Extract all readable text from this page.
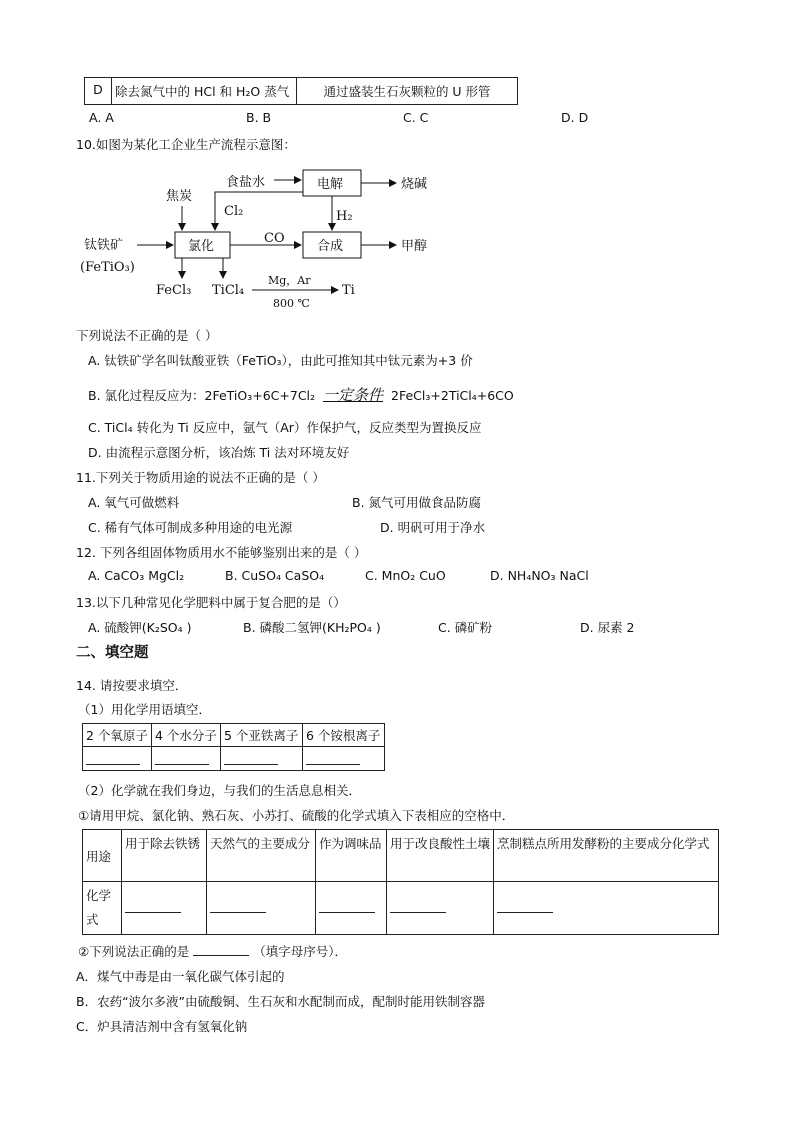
D	除去氮气中的 HCl 和 H₂O 蒸气	通过盛装生石灰颗粒的 U 形管
A. A	B. B	C. C	D. D
10.如图为某化工企业生产流程示意图：
食盐水	电解	烧碱
焦炭
Cl₂	H₂
钛铁矿
(FeTiO₃)
氯化
CO
合成	甲醇
FeCl₃ TiCl₄
Mg，Ar
800 ℃
Ti
下列说法不正确的是（ ）
A. 钛铁矿学名叫钛酸亚铁（FeTiO₃），由此可推知其中钛元素为+3 价
B. 氯化过程反应为：2FeTiO₃+6C+7Cl₂ 一定条件 2FeCl₃+2TiCl₄+6CO
C. TiCl₄ 转化为 Ti 反应中，氩气（Ar）作保护气，反应类型为置换反应
D. 由流程示意图分析，该冶炼 Ti 法对环境友好
11.下列关于物质用途的说法不正确的是（ ）
A. 氧气可做燃料	B. 氮气可用做食品防腐
C. 稀有气体可制成多种用途的电光源	D. 明矾可用于净水
12. 下列各组固体物质用水不能够鉴别出来的是（ ）
A. CaCO₃ MgCl₂	B. CuSO₄ CaSO₄	C. MnO₂ CuO	D. NH₄NO₃ NaCl
13.以下几种常见化学肥料中属于复合肥的是（）
A. 硫酸钾(K₂SO₄ )	B. 磷酸二氢钾(KH₂PO₄ )	C. 磷矿粉	D. 尿素 2
二、填空题
14. 请按要求填空．
（1）用化学用语填空．
2 个氧原子	4 个水分子	5 个亚铁离子	6 个铵根离子

（2）化学就在我们身边，与我们的生活息息相关．
①请用甲烷、氯化钠、熟石灰、小苏打、硫酸的化学式填入下表相应的空格中．
用途	用于除去铁锈	天然气的主要成分	作为调味品	用于改良酸性土壤	烹制糕点所用发酵粉的主要成分化学式
化学式					
②下列说法正确的是	（填字母序号）．
A．煤气中毒是由一氧化碳气体引起的
B．农药“波尔多液”由硫酸铜、生石灰和水配制而成，配制时能用铁制容器
C．炉具清洁剂中含有氢氧化钠
